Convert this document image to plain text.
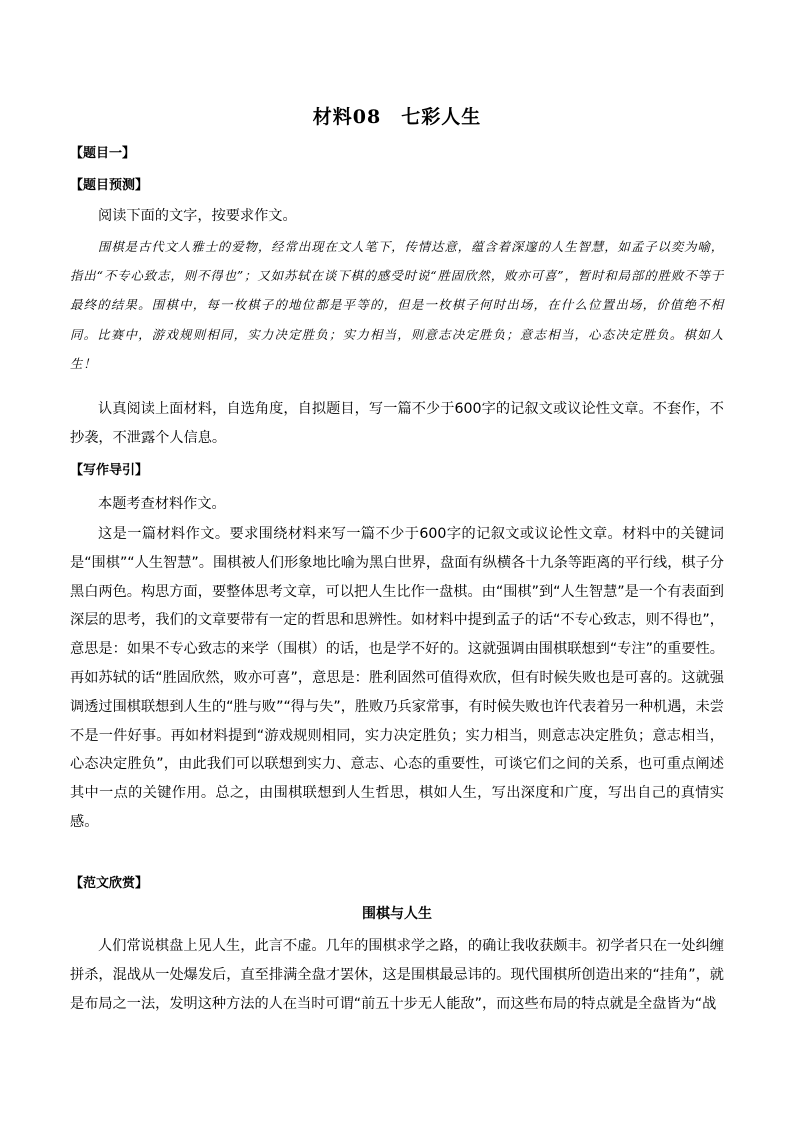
材料08　七彩人生
【题目一】
【题目预测】

阅读下面的文字，按要求作文。

围棋是古代文人雅士的爱物，经常出现在文人笔下，传情达意，蕴含着深邃的人生智慧，如孟子以奕为喻，指出“不专心致志，则不得也”；又如苏轼在谈下棋的感受时说“胜固欣然，败亦可喜”，暂时和局部的胜败不等于最终的结果。围棋中，每一枚棋子的地位都是平等的，但是一枚棋子何时出场，在什么位置出场，价值绝不相同。比赛中，游戏规则相同，实力决定胜负；实力相当，则意志决定胜负；意志相当，心态决定胜负。棋如人生！

认真阅读上面材料，自选角度，自拟题目，写一篇不少于600字的记叙文或议论性文章。不套作，不抄袭，不泄露个人信息。

【写作导引】

本题考查材料作文。

这是一篇材料作文。要求围绕材料来写一篇不少于600字的记叙文或议论性文章。材料中的关键词是“围棋”“人生智慧”。围棋被人们形象地比喻为黑白世界，盘面有纵横各十九条等距离的平行线，棋子分黑白两色。构思方面，要整体思考文章，可以把人生比作一盘棋。由“围棋”到“人生智慧”是一个有表面到深层的思考，我们的文章要带有一定的哲思和思辨性。如材料中提到孟子的话“不专心致志，则不得也”，意思是：如果不专心致志的来学（围棋）的话，也是学不好的。这就强调由围棋联想到“专注”的重要性。再如苏轼的话“胜固欣然，败亦可喜”，意思是：胜利固然可值得欢欣，但有时候失败也是可喜的。这就强调透过围棋联想到人生的“胜与败”“得与失”，胜败乃兵家常事，有时候失败也许代表着另一种机遇，未尝不是一件好事。再如材料提到“游戏规则相同，实力决定胜负；实力相当，则意志决定胜负；意志相当，心态决定胜负”，由此我们可以联想到实力、意志、心态的重要性，可谈它们之间的关系，也可重点阐述其中一点的关键作用。总之，由围棋联想到人生哲思，棋如人生，写出深度和广度，写出自己的真情实感。

【范文欣赏】
围棋与人生

人们常说棋盘上见人生，此言不虚。几年的围棋求学之路，的确让我收获颇丰。初学者只在一处纠缠拼杀，混战从一处爆发后，直至排满全盘才罢休，这是围棋最忌讳的。现代围棋所创造出来的“挂角”，就是布局之一法，发明这种方法的人在当时可谓“前五十步无人能敌”，而这些布局的特点就是全盘皆为“战
